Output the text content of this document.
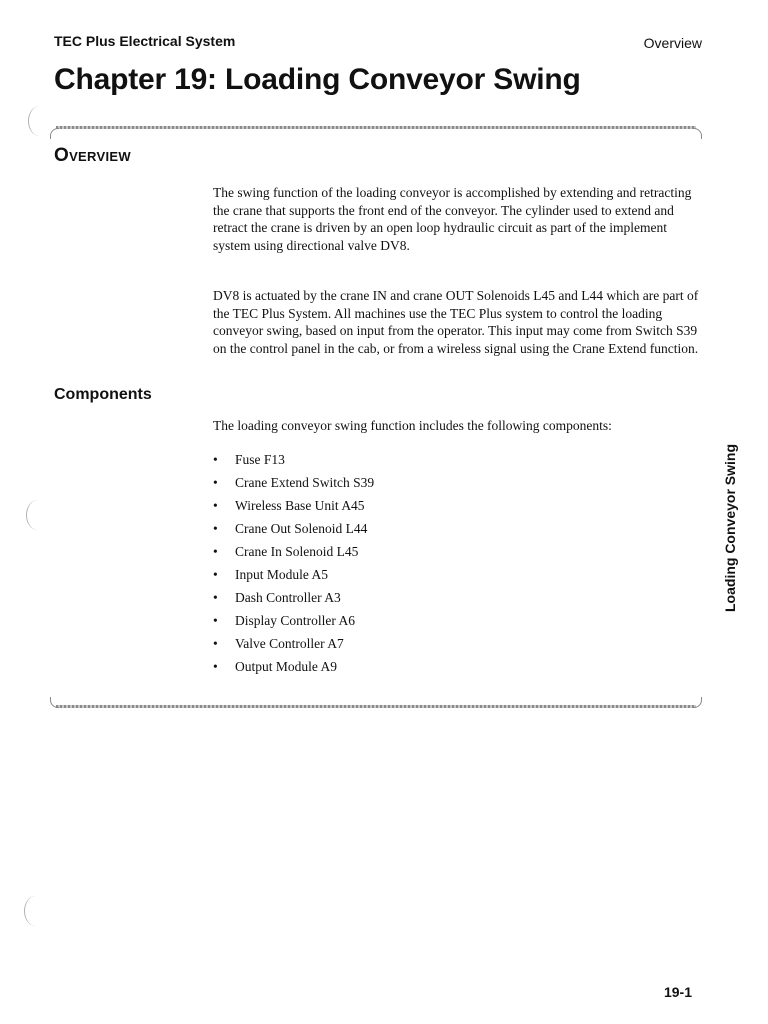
TEC Plus Electrical System	Overview
Chapter 19: Loading Conveyor Swing
Overview
The swing function of the loading conveyor is accomplished by extending and retracting the crane that supports the front end of the conveyor. The cylinder used to extend and retract the crane is driven by an open loop hydraulic circuit as part of the implement system using directional valve DV8.
DV8 is actuated by the crane IN and crane OUT Solenoids L45 and L44 which are part of the TEC Plus System. All machines use the TEC Plus system to control the loading conveyor swing, based on input from the operator. This input may come from Switch S39 on the control panel in the cab, or from a wireless signal using the Crane Extend function.
Components
The loading conveyor swing function includes the following components:
•	Fuse F13
•	Crane Extend Switch S39
•	Wireless Base Unit A45
•	Crane Out Solenoid L44
•	Crane In Solenoid L45
•	Input Module A5
•	Dash Controller A3
•	Display Controller A6
•	Valve Controller A7
•	Output Module A9
Loading Conveyor Swing
19-1
